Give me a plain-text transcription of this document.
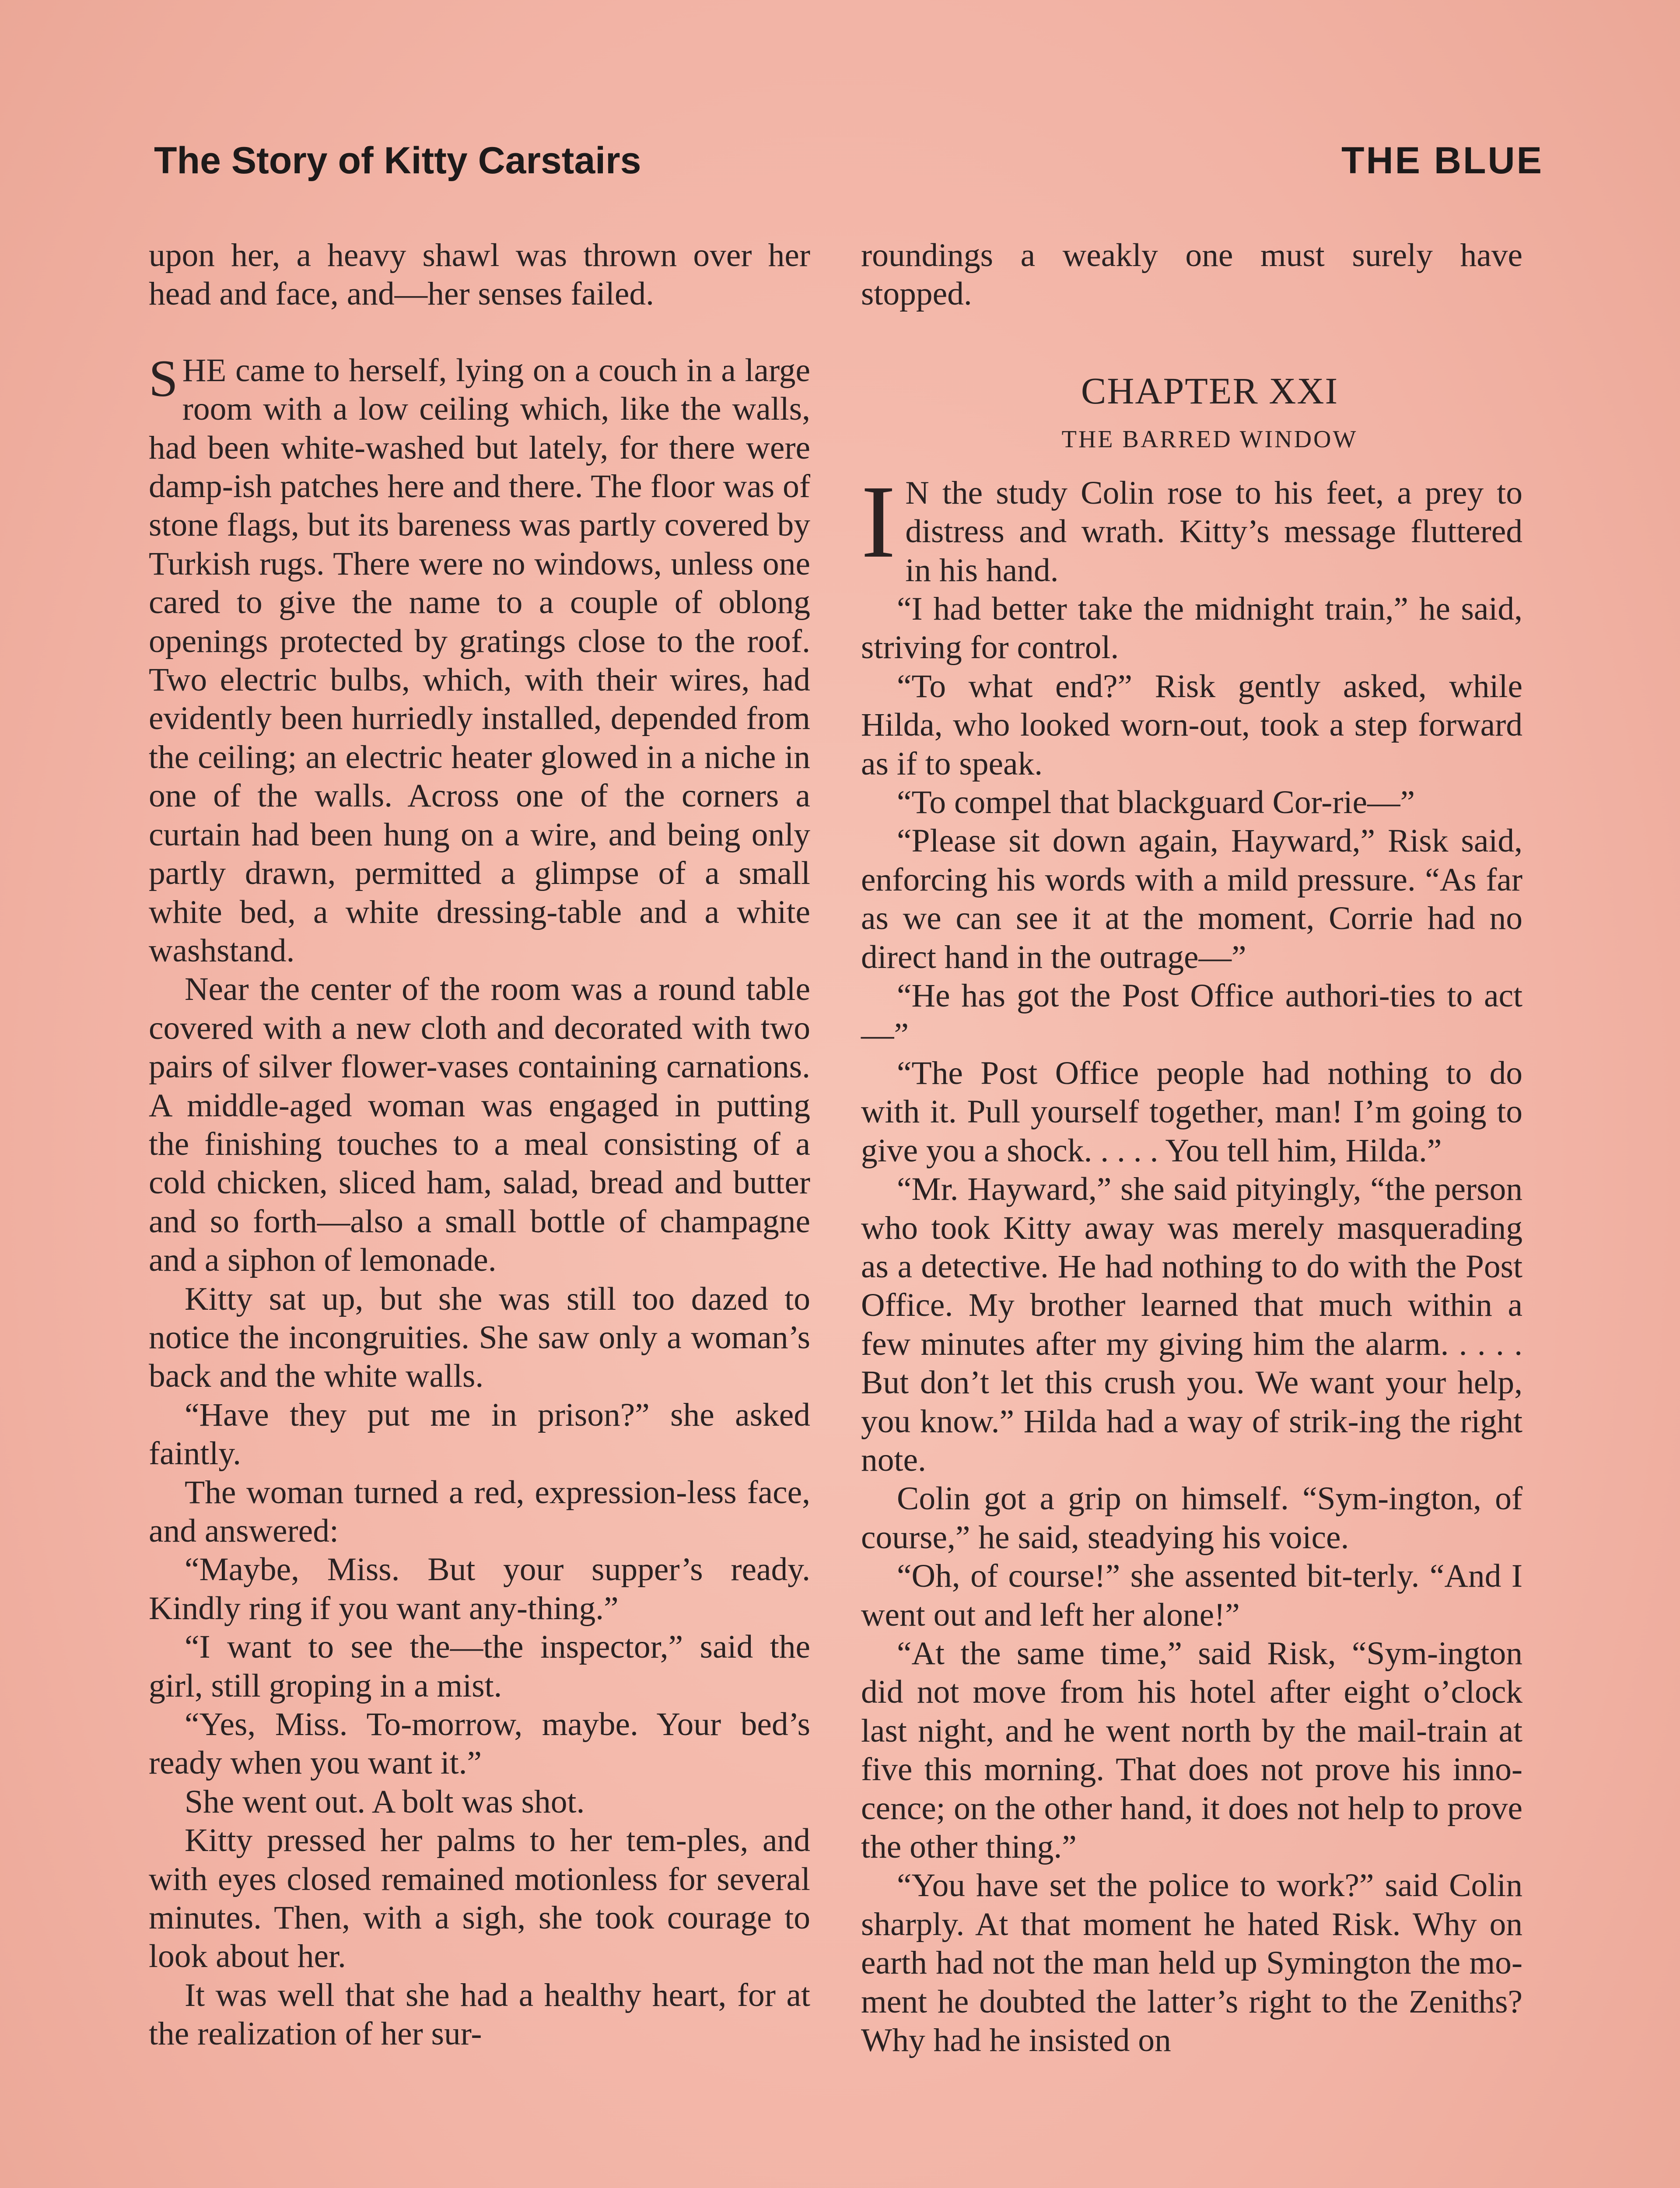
The Story of Kitty Carstairs	THE BLUE

upon her, a heavy shawl was thrown over her head and face, and—her senses failed.

SHE came to herself, lying on a couch in a large room with a low ceiling which, like the walls, had been white-washed but lately, for there were damp-ish patches here and there. The floor was of stone flags, but its bareness was partly covered by Turkish rugs. There were no windows, unless one cared to give the name to a couple of oblong openings protected by gratings close to the roof. Two electric bulbs, which, with their wires, had evidently been hurriedly installed, depended from the ceiling; an electric heater glowed in a niche in one of the walls. Across one of the corners a curtain had been hung on a wire, and being only partly drawn, permitted a glimpse of a small white bed, a white dressing-table and a white washstand.

Near the center of the room was a round table covered with a new cloth and decorated with two pairs of silver flower-vases containing carnations. A middle-aged woman was engaged in putting the finishing touches to a meal consisting of a cold chicken, sliced ham, salad, bread and butter and so forth—also a small bottle of champagne and a siphon of lemonade.

Kitty sat up, but she was still too dazed to notice the incongruities. She saw only a woman’s back and the white walls.

“Have they put me in prison?” she asked faintly.

The woman turned a red, expression-less face, and answered:

“Maybe, Miss. But your supper’s ready. Kindly ring if you want any-thing.”

“I want to see the—the inspector,” said the girl, still groping in a mist.

“Yes, Miss. To-morrow, maybe. Your bed’s ready when you want it.”

She went out. A bolt was shot.

Kitty pressed her palms to her tem-ples, and with eyes closed remained motionless for several minutes. Then, with a sigh, she took courage to look about her.

It was well that she had a healthy heart, for at the realization of her sur-

roundings a weakly one must surely have stopped.

CHAPTER XXI

THE BARRED WINDOW

I N the study Colin rose to his feet, a prey to distress and wrath. Kitty’s message fluttered in his hand.

“I had better take the midnight train,” he said, striving for control.

“To what end?” Risk gently asked, while Hilda, who looked worn-out, took a step forward as if to speak.

“To compel that blackguard Cor-rie—”

“Please sit down again, Hayward,” Risk said, enforcing his words with a mild pressure. “As far as we can see it at the moment, Corrie had no direct hand in the outrage—”

“He has got the Post Office authori-ties to act—”

“The Post Office people had nothing to do with it. Pull yourself together, man! I’m going to give you a shock. . . . . You tell him, Hilda.”

“Mr. Hayward,” she said pityingly, “the person who took Kitty away was merely masquerading as a detective. He had nothing to do with the Post Office. My brother learned that much within a few minutes after my giving him the alarm. . . . . But don’t let this crush you. We want your help, you know.” Hilda had a way of strik-ing the right note.

Colin got a grip on himself. “Sym-ington, of course,” he said, steadying his voice.

“Oh, of course!” she assented bit-terly. “And I went out and left her alone!”

“At the same time,” said Risk, “Sym-ington did not move from his hotel after eight o’clock last night, and he went north by the mail-train at five this morning. That does not prove his inno-cence; on the other hand, it does not help to prove the other thing.”

“You have set the police to work?” said Colin sharply. At that moment he hated Risk. Why on earth had not the man held up Symington the mo-ment he doubted the latter’s right to the Zeniths? Why had he insisted on
